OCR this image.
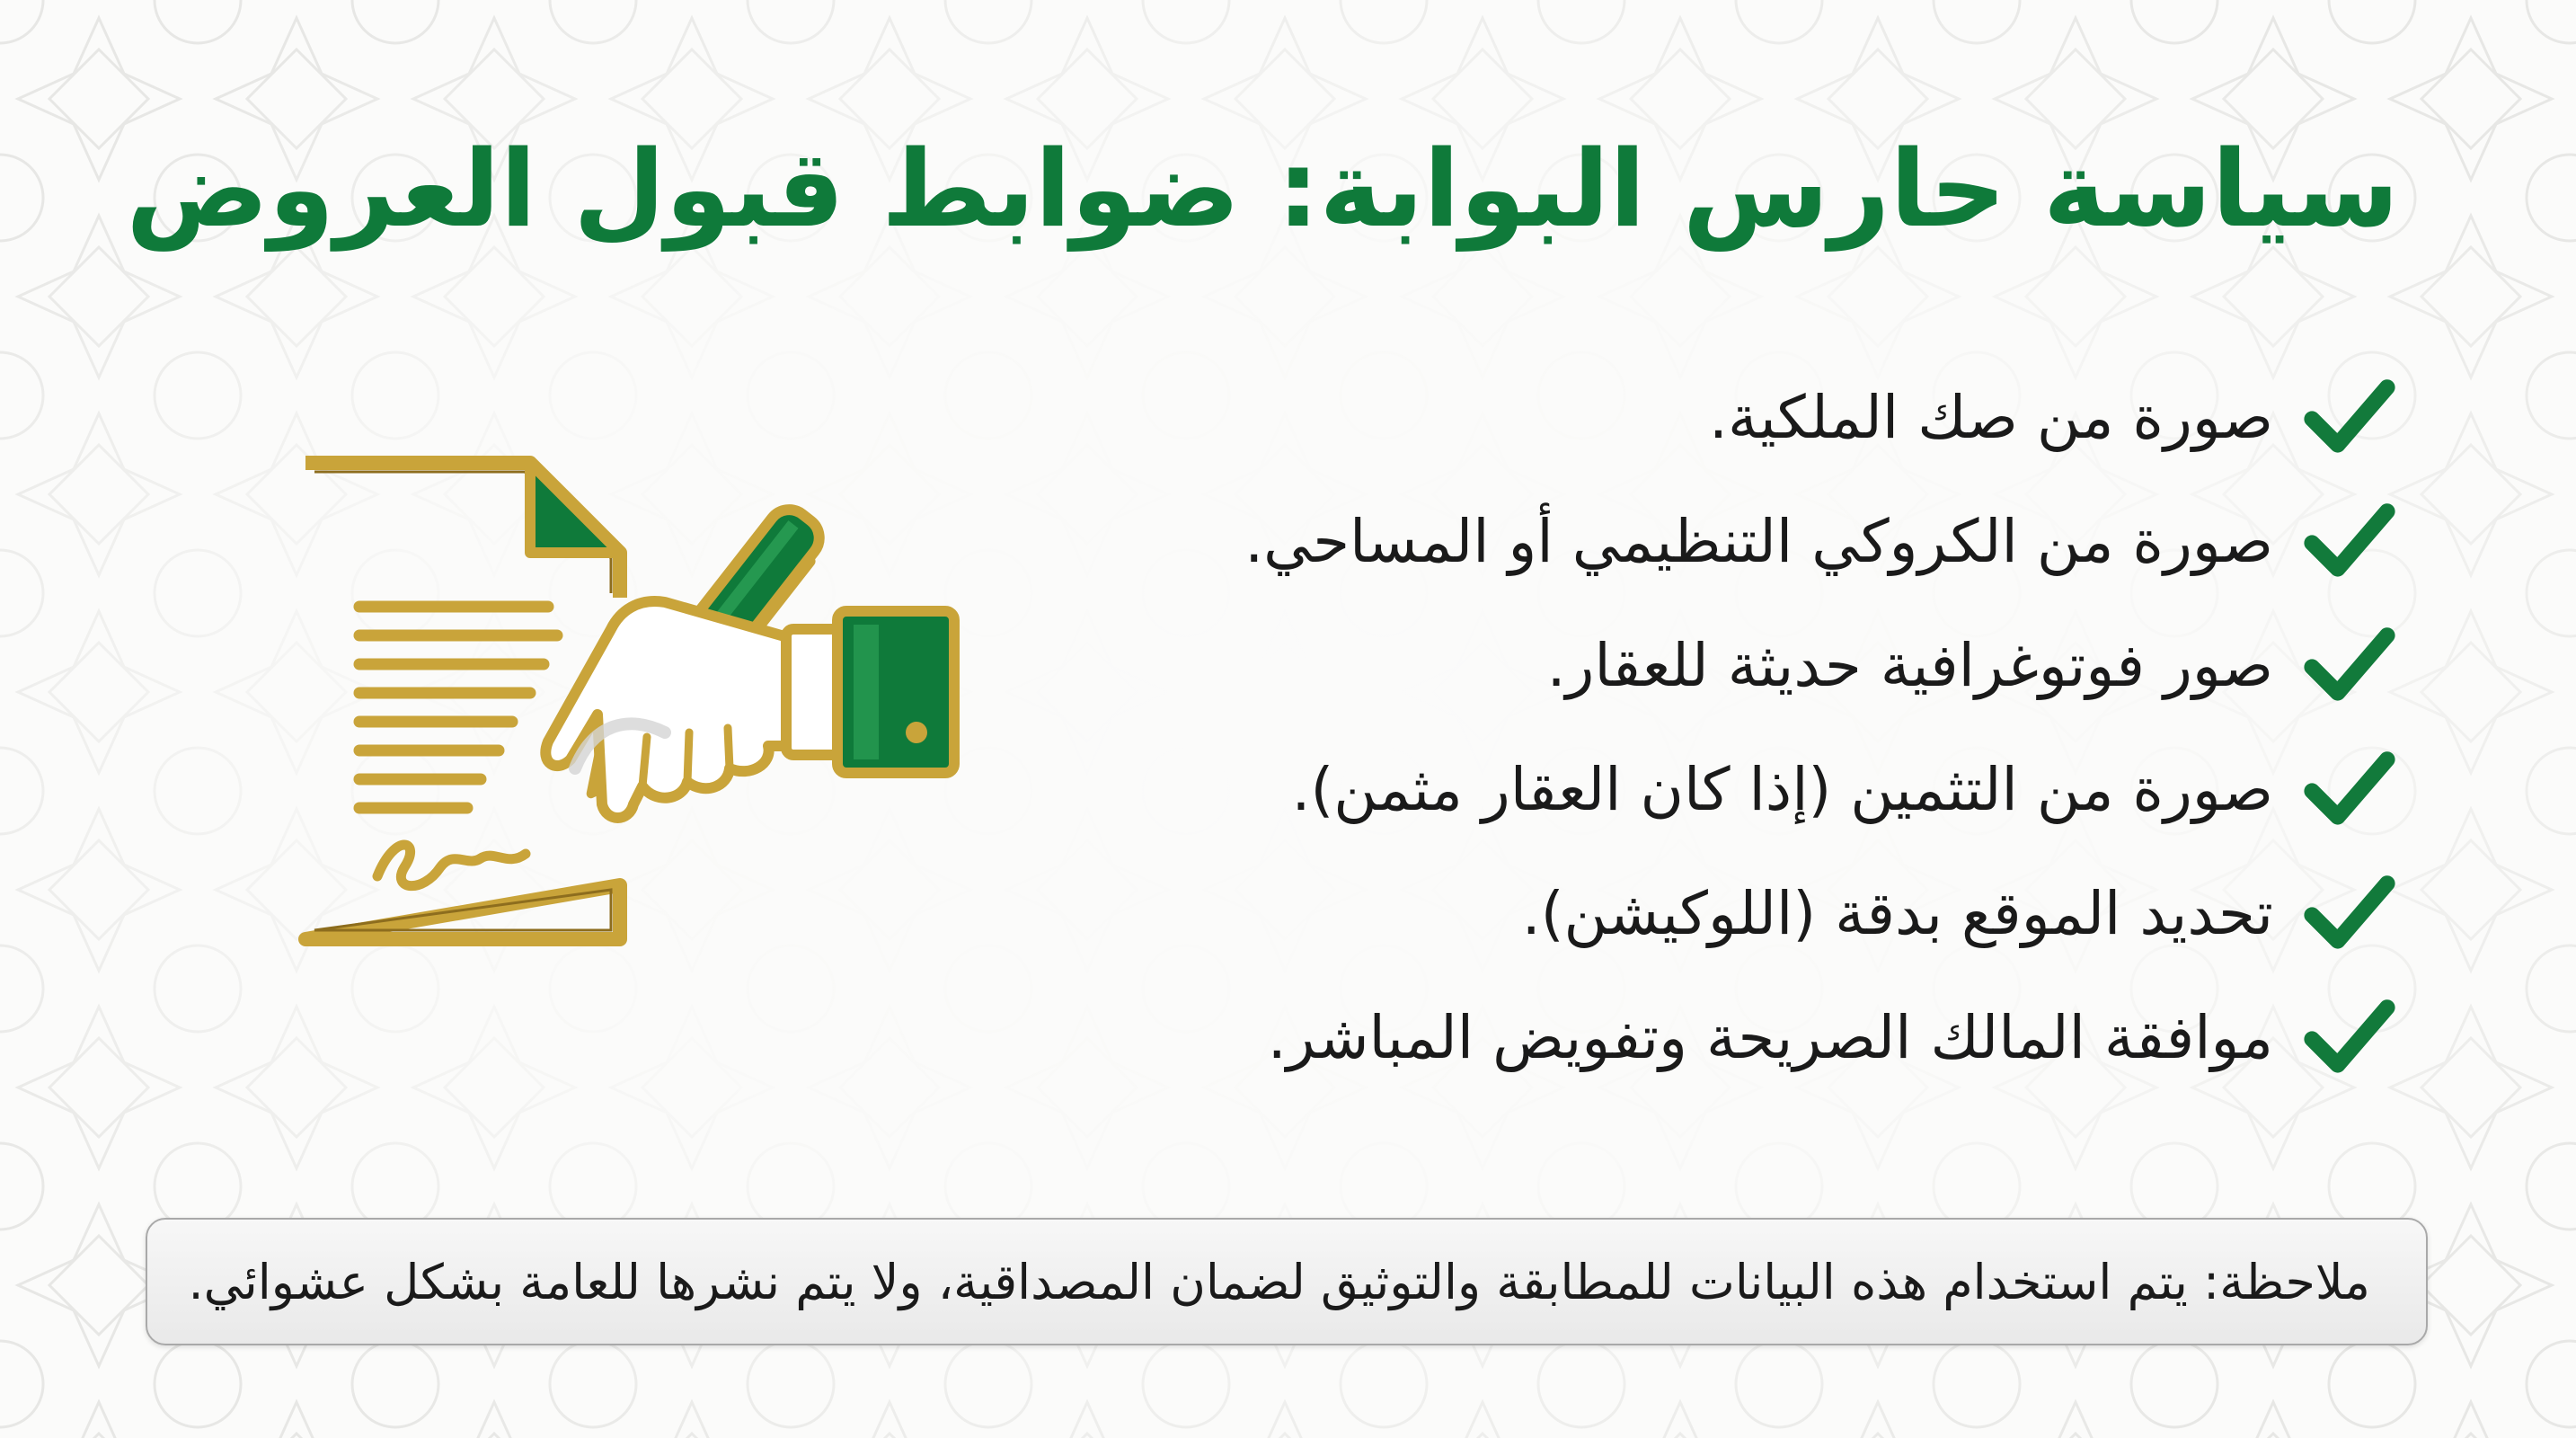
سياسة حارس البوابة: ضوابط قبول العروض
صورة من صك الملكية.
صورة من الكروكي التنظيمي أو المساحي.
صور فوتوغرافية حديثة للعقار.
صورة من التثمين (إذا كان العقار مثمن).
تحديد الموقع بدقة (اللوكيشن).
موافقة المالك الصريحة وتفويض المباشر.
ملاحظة: يتم استخدام هذه البيانات للمطابقة والتوثيق لضمان المصداقية، ولا يتم نشرها للعامة بشكل عشوائي.
